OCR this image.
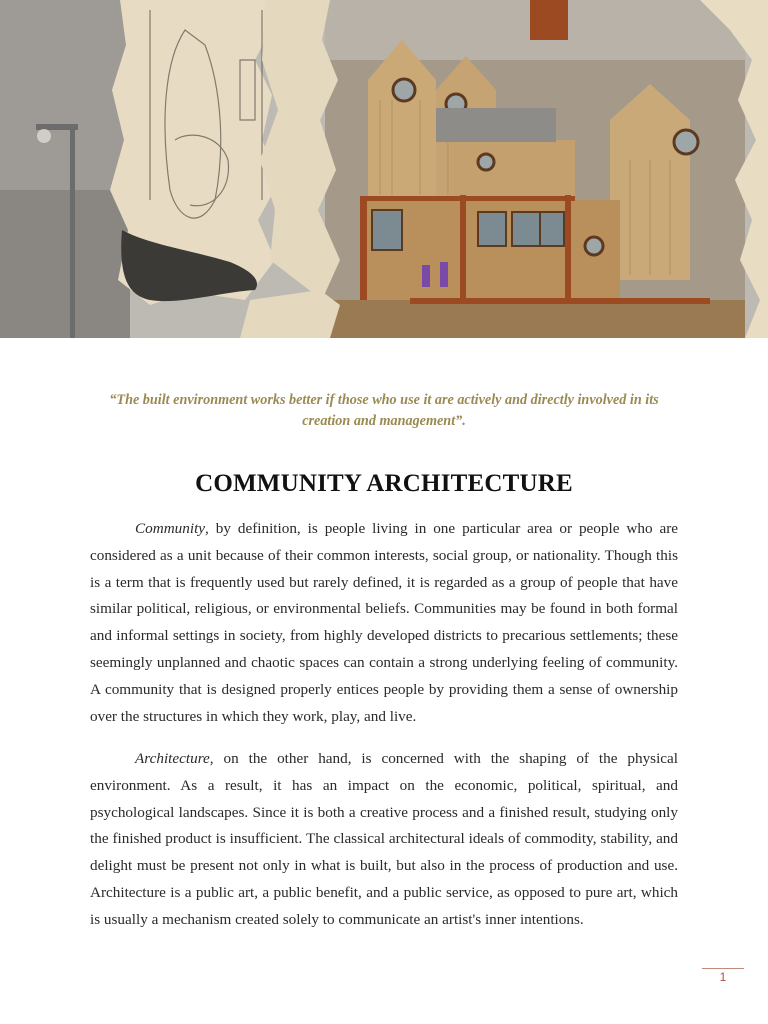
“The built environment works better if those who use it are actively and directly involved in its creation and management”.

COMMUNITY ARCHITECTURE

Community, by definition, is people living in one particular area or people who are considered as a unit because of their common interests, social group, or nationality. Though this is a term that is frequently used but rarely defined, it is regarded as a group of people that have similar political, religious, or environmental beliefs. Communities may be found in both formal and informal settings in society, from highly developed districts to precarious settlements; these seemingly unplanned and chaotic spaces can contain a strong underlying feeling of community. A community that is designed properly entices people by providing them a sense of ownership over the structures in which they work, play, and live.

Architecture, on the other hand, is concerned with the shaping of the physical environment. As a result, it has an impact on the economic, political, spiritual, and psychological landscapes. Since it is both a creative process and a finished result, studying only the finished product is insufficient. The classical architectural ideals of commodity, stability, and delight must be present not only in what is built, but also in the process of production and use. Architecture is a public art, a public benefit, and a public service, as opposed to pure art, which is usually a mechanism created solely to communicate an artist's inner intentions.

1
